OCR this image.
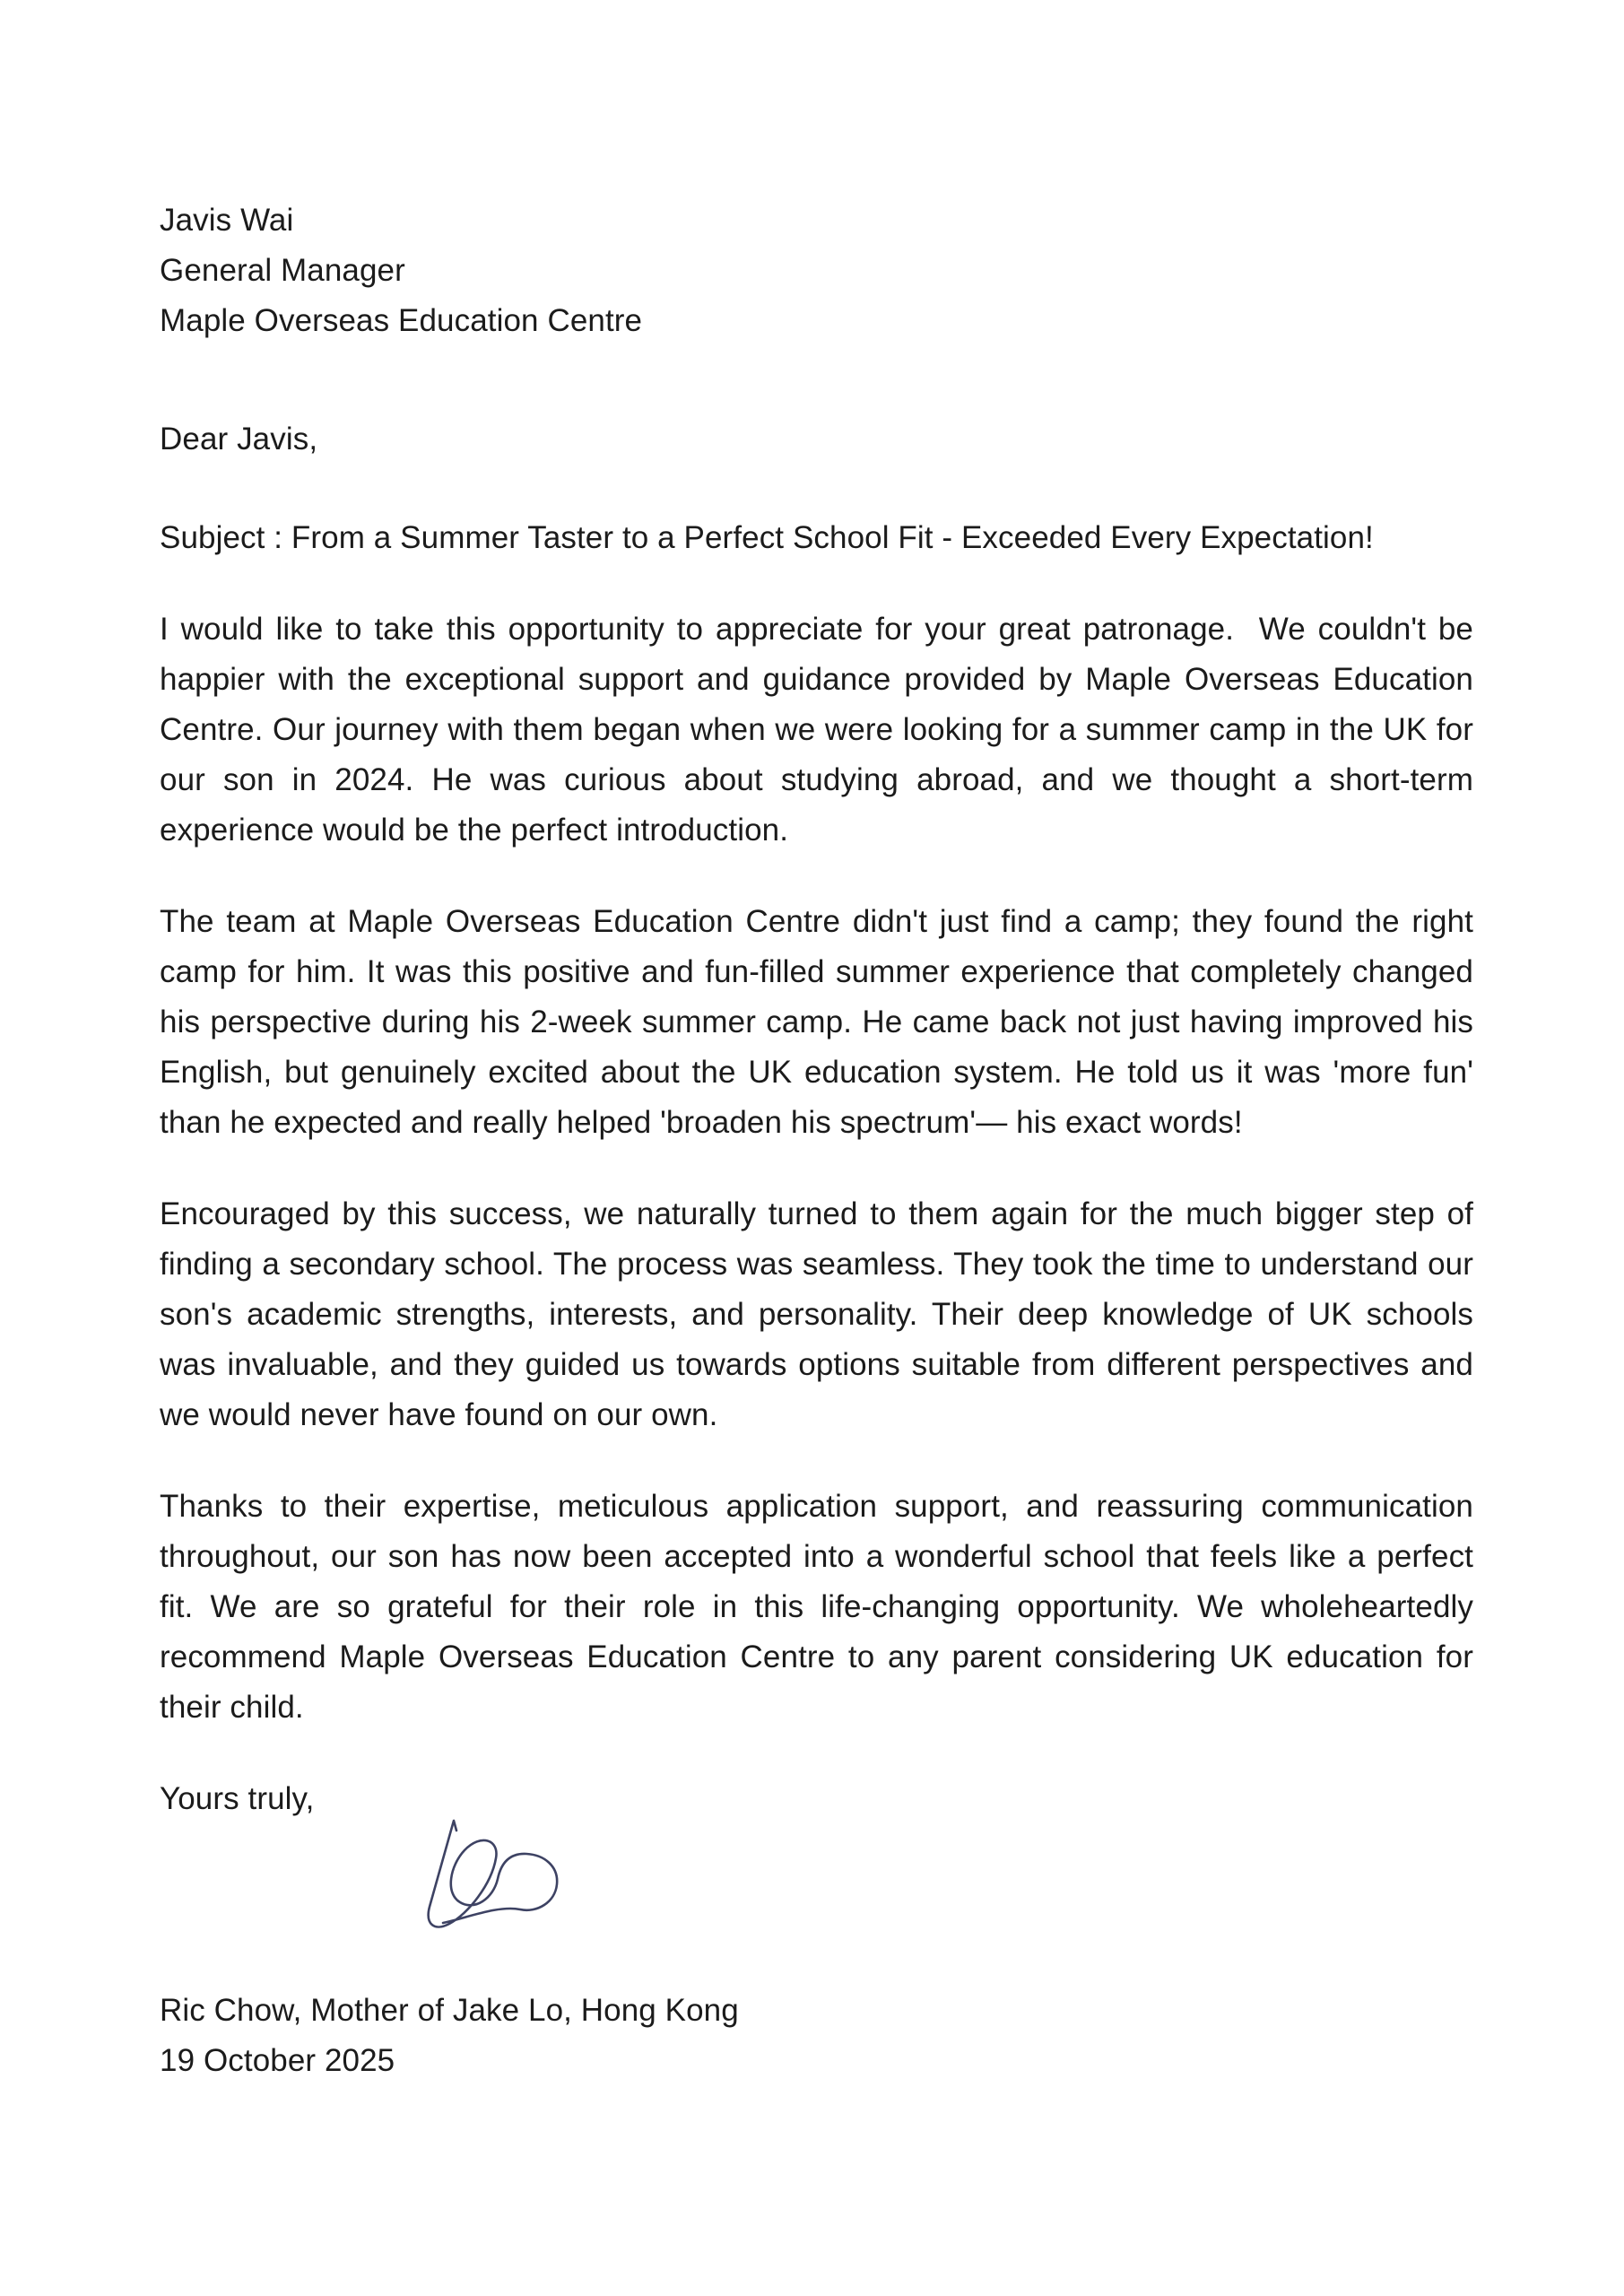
Javis Wai
General Manager
Maple Overseas Education Centre
Dear Javis,
Subject : From a Summer Taster to a Perfect School Fit - Exceeded Every Expectation!

I would like to take this opportunity to appreciate for your great patronage.  We couldn't be happier with the exceptional support and guidance provided by Maple Overseas Education Centre. Our journey with them began when we were looking for a summer camp in the UK for our son in 2024. He was curious about studying abroad, and we thought a short-term experience would be the perfect introduction.

The team at Maple Overseas Education Centre didn't just find a camp; they found the right camp for him. It was this positive and fun-filled summer experience that completely changed his perspective during his 2-week summer camp. He came back not just having improved his English, but genuinely excited about the UK education system. He told us it was 'more fun' than he expected and really helped 'broaden his spectrum'— his exact words!

Encouraged by this success, we naturally turned to them again for the much bigger step of finding a secondary school. The process was seamless. They took the time to understand our son's academic strengths, interests, and personality. Their deep knowledge of UK schools was invaluable, and they guided us towards options suitable from different perspectives and we would never have found on our own.

Thanks to their expertise, meticulous application support, and reassuring communication throughout, our son has now been accepted into a wonderful school that feels like a perfect fit. We are so grateful for their role in this life-changing opportunity. We wholeheartedly recommend Maple Overseas Education Centre to any parent considering UK education for their child.

Yours truly,
Ric Chow, Mother of Jake Lo, Hong Kong
19 October 2025
